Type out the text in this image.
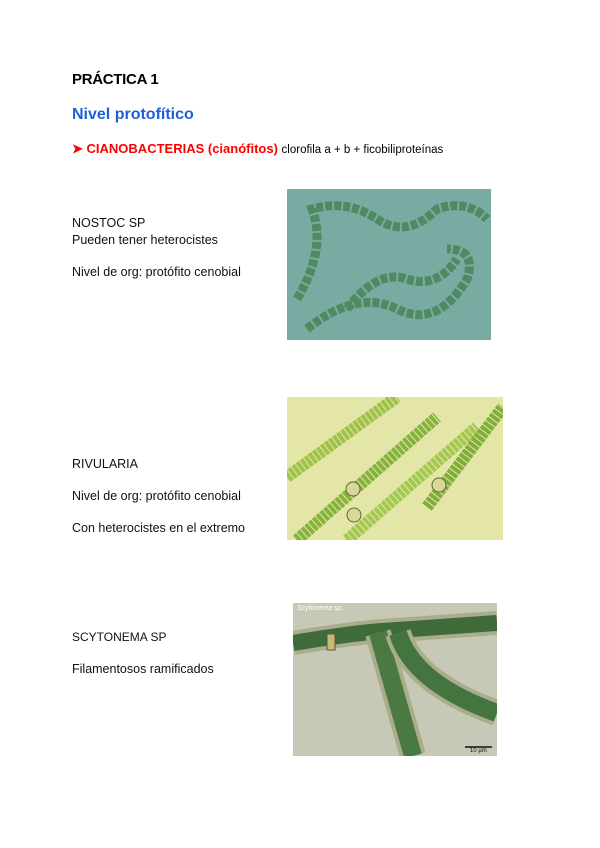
PRÁCTICA 1
Nivel protofítico
➤ CIANOBACTERIAS (cianófitos) clorofila a + b + ficobiliproteínas
NOSTOC SP
Pueden tener heterocistes
Nivel de org: protófito cenobial
RIVULARIA
Nivel de org: protófito cenobial
Con heterocistes en el extremo
SCYTONEMA SP
Filamentosos ramificados
Scytonema sp.
10 µm
